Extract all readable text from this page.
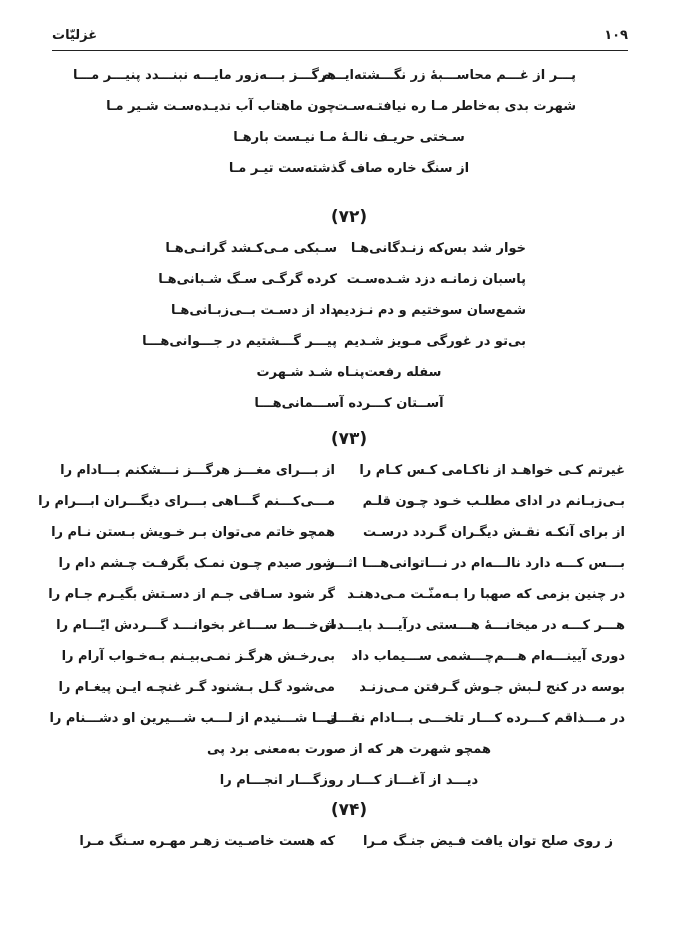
۱۰۹
غزلیّات
پـــر از غـــم محاســـبهٔ زر نگـــشته‌ایـــم
هرگـــز بـــه‌زور مایـــه نبنـــدد پنیـــر مـــا
شهرت بدی به‌خاطر مـا ره نیافتـه‌سـت
چون ماهتاب آب ندیـده‌سـت شـیر مـا
سـختی حریـف نالـهٔ مـا نیـست بارهـا
از سنگ خاره صاف گذشته‌ست تیـر مـا
(۷۲)
خوار شد بس‌که زنـدگانی‌هـا
سـبکی مـی‌کـشد گرانـی‌هـا
پاسبان زمانـه دزد شـده‌سـت
کرده گرگـی سـگ شـبانی‌هـا
شمع‌سان سوختیم و دم نـزدیم
داد از دسـت بــی‌زبـانی‌هـا
بی‌تو در غورگی مـویز شـدیم
پیـــر گـــشتیم در جـــوانی‌هـــا
سفله رفعت‌پنـاه شـد شـهرت
آســتان کـــرده آســـمانی‌هـــا
(۷۳)
غیرتم کـی خواهـد از ناکـامی کـس کـام را
از بـــرای مغـــز هرگـــز نـــشکنم بـــادام را
بـی‌زبـانم در ادای مطلـب خـود چـون قلـم
مـــی‌کـــنم گـــاهی بـــرای دیگـــران ابـــرام را
از برای آنکـه نقـش دیگـران گـردد درسـت
همچو خاتم می‌توان بـر خـویش بـستن نـام را
بـــس کـــه دارد نالـــه‌ام در نـــاتوانی‌هـــا اثـــر
شور صیدم چـون نمـک بگرفـت چـشم دام را
در چنین بزمی که صهبا را بـه‌منّـت مـی‌دهنـد
گر شود سـاقی جـم از دسـتش بگیـرم جـام را
هـــر کـــه در میخانـــهٔ هـــستی درآیـــد بایـــدش
از خـــط ســـاغر بخوانـــد گـــردش ایّـــام را
دوری آیینـــه‌ام هـــم‌چـــشمی ســـیماب داد
بی‌رخـش هرگـز نمـی‌بیـنم بـه‌خـواب آرام را
بوسه در کنج لـبش جـوش گـرفتن مـی‌زنـد
می‌شود گـل بـشنود گـر غنچـه ایـن پیغـام را
در مـــذاقم کـــرده کـــار تلخـــی بـــادام نقـــل
تـــا شـــنیدم از لـــب شـــیرین او دشـــنام را
همچو شهرت هر که از صورت به‌معنی برد پی
دیـــد از آغـــاز کـــار روزگـــار انجـــام را
(۷۴)
ز روی صلح توان یافت فـیض جنـگ مـرا
که هست خاصـیت زهـر مهـره سـنگ مـرا
